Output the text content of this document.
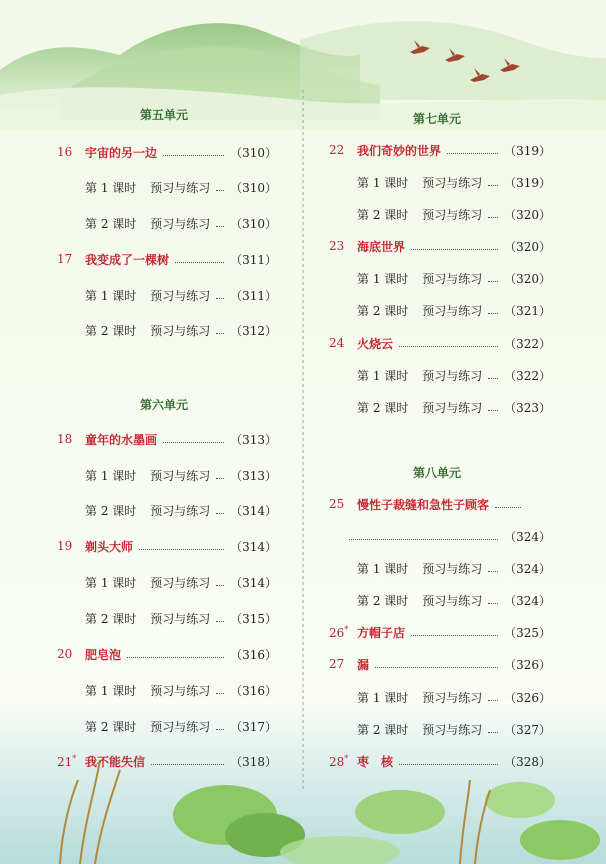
第五单元
16	宇宙的另一边	（310）
第 1 课时 预习与练习 （310）
第 2 课时 预习与练习 （310）
17	我变成了一棵树	（311）
第 1 课时 预习与练习 （311）
第 2 课时 预习与练习 （312）
第六单元
18	童年的水墨画	（313）
第 1 课时 预习与练习 （313）
第 2 课时 预习与练习 （314）
19	剃头大师	（314）
第 1 课时 预习与练习 （314）
第 2 课时 预习与练习 （315）
20	肥皂泡	（316）
第 1 课时 预习与练习 （316）
第 2 课时 预习与练习 （317）
21* 我不能失信	（318）
第七单元
22	我们奇妙的世界	（319）
第 1 课时 预习与练习 （319）
第 2 课时 预习与练习 （320）
23	海底世界	（320）
第 1 课时 预习与练习 （320）
第 2 课时 预习与练习 （321）
24	火烧云	（322）
第 1 课时 预习与练习 （322）
第 2 课时 预习与练习 （323）
第八单元
25	慢性子裁缝和急性子顾客
（324）
第 1 课时 预习与练习 （324）
第 2 课时 预习与练习 （324）
26* 方帽子店	（325）
27	漏	（326）
第 1 课时 预习与练习 （326）
第 2 课时 预习与练习 （327）
28* 枣　核	（328）
